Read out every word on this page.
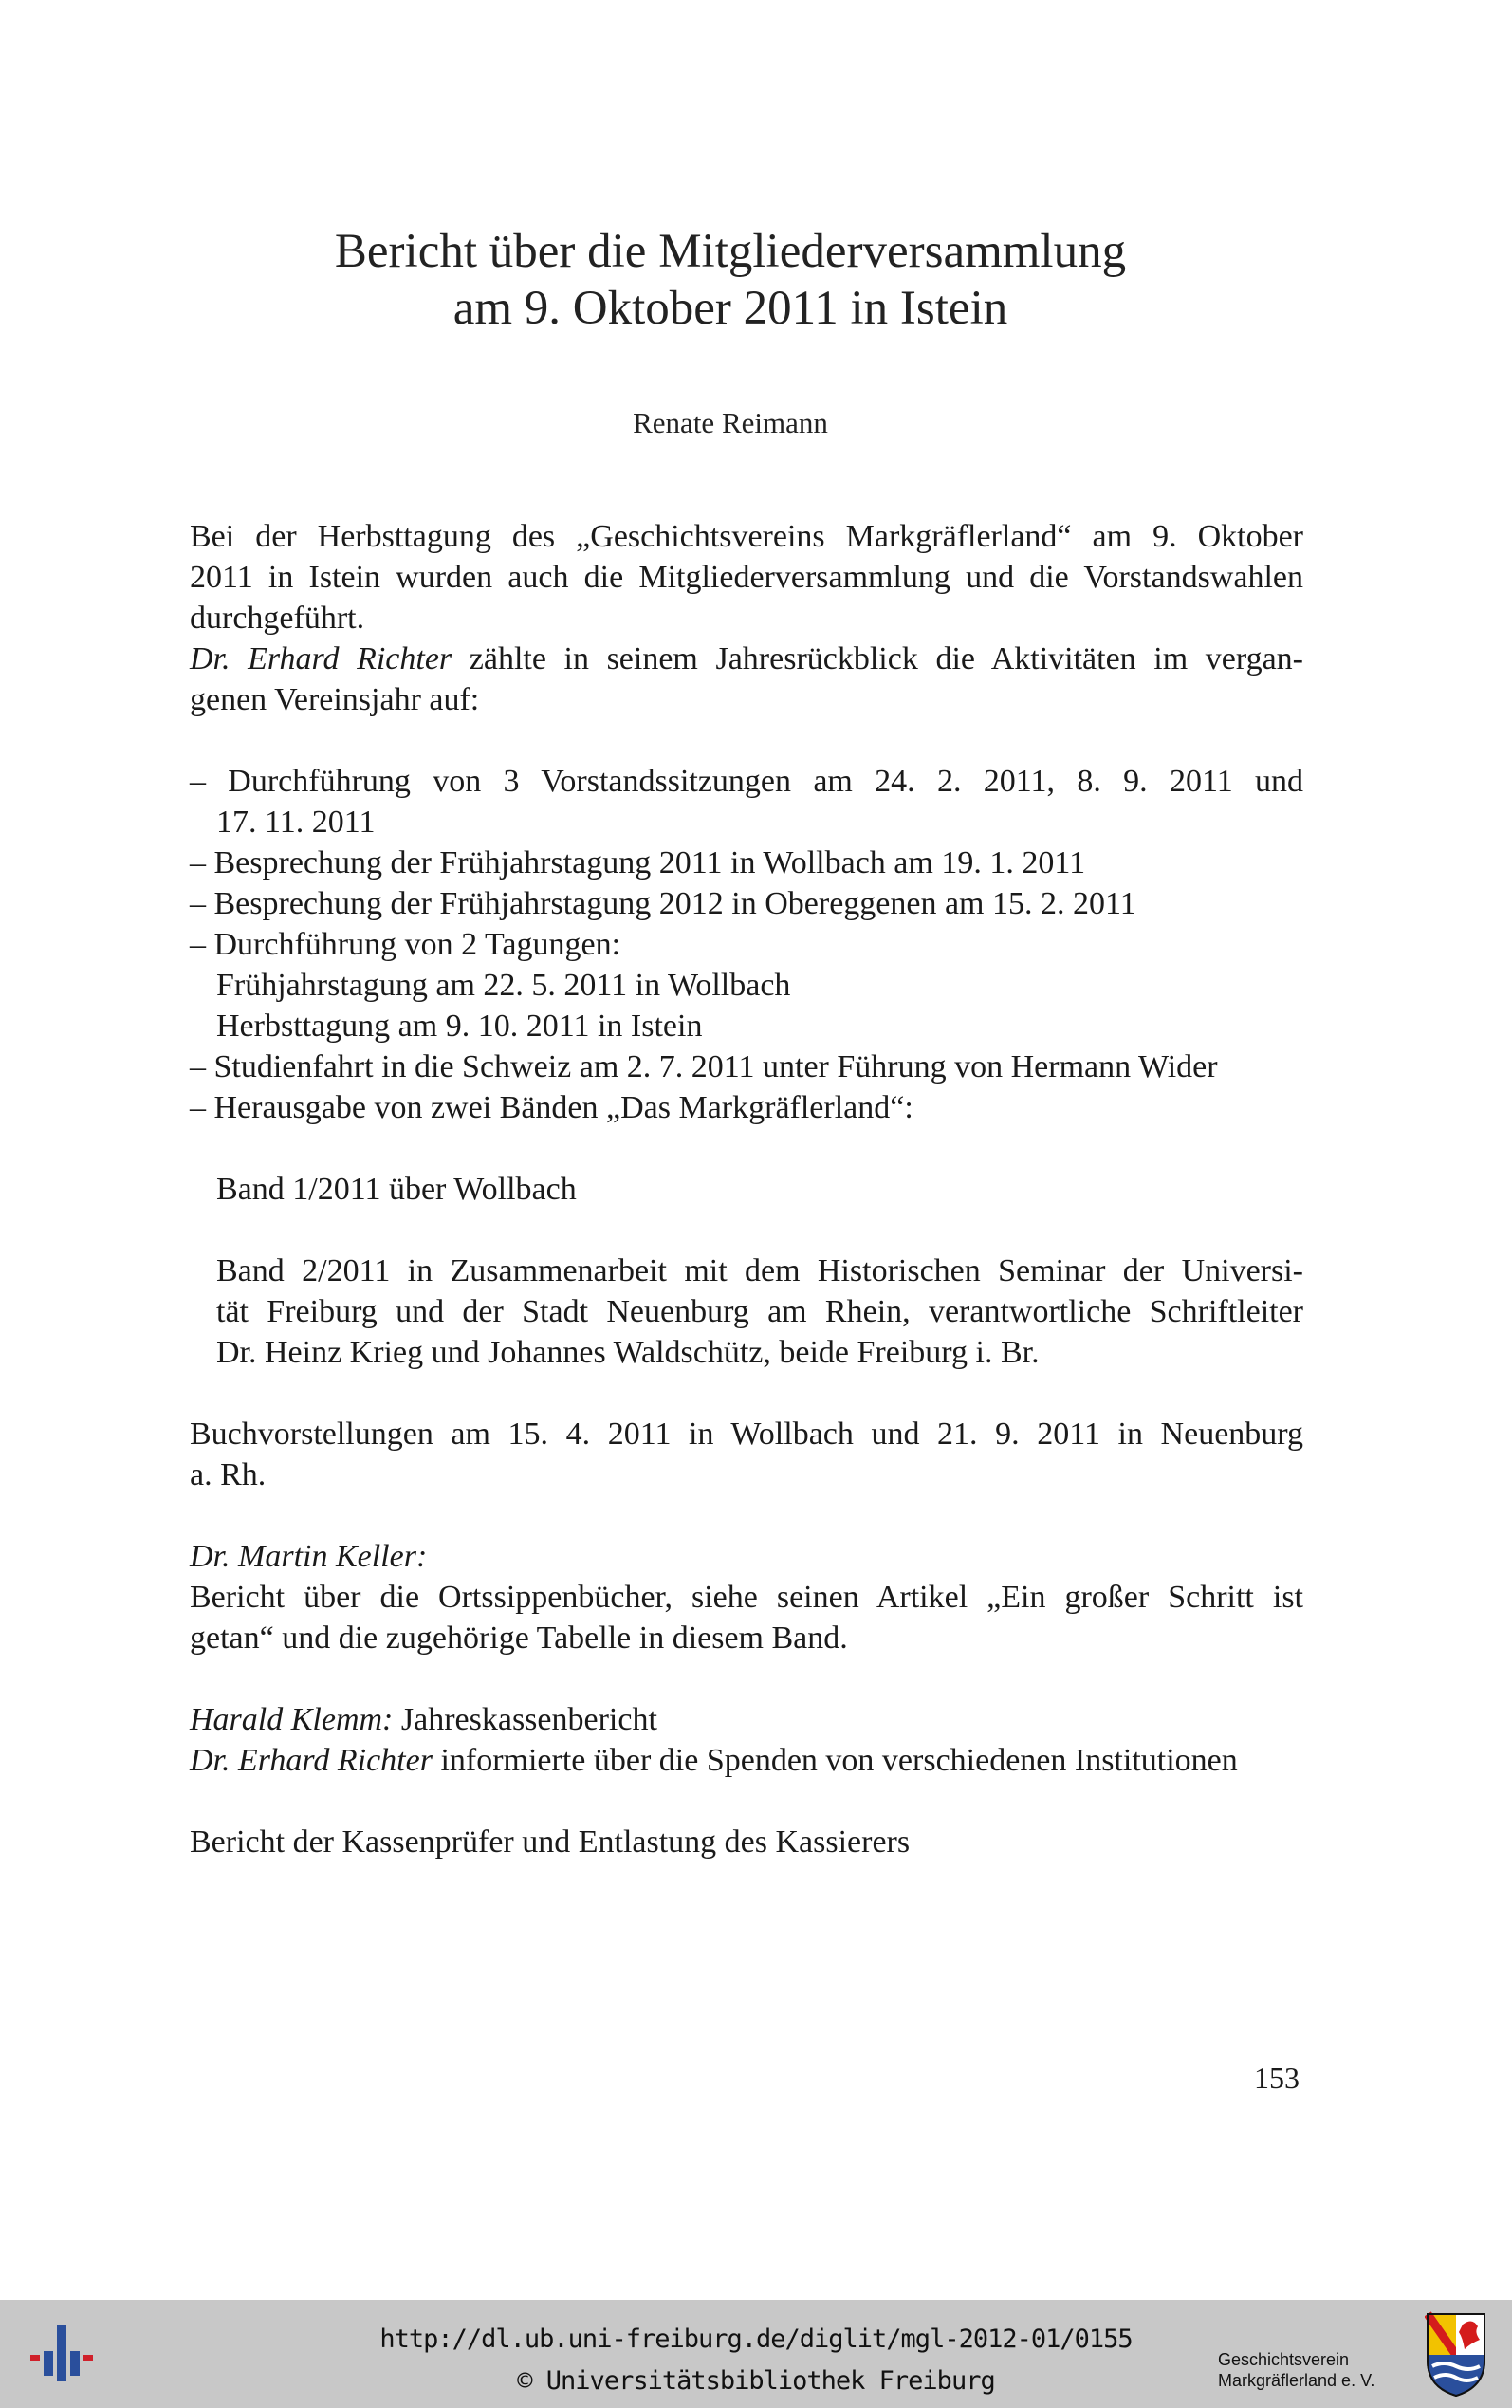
Bericht über die Mitgliederversammlung
am 9. Oktober 2011 in Istein
Renate Reimann
Bei der Herbsttagung des „Geschichtsvereins Markgräflerland“ am 9. Oktober
2011 in Istein wurden auch die Mitgliederversammlung und die Vorstandswahlen
durchgeführt.
Dr. Erhard Richter zählte in seinem Jahresrückblick die Aktivitäten im vergan-
genen Vereinsjahr auf:
– Durchführung von 3 Vorstandssitzungen am 24. 2. 2011, 8. 9. 2011 und
17. 11. 2011
– Besprechung der Frühjahrstagung 2011 in Wollbach am 19. 1. 2011
– Besprechung der Frühjahrstagung 2012 in Obereggenen am 15. 2. 2011
– Durchführung von 2 Tagungen:
Frühjahrstagung am 22. 5. 2011 in Wollbach
Herbsttagung am 9. 10. 2011 in Istein
– Studienfahrt in die Schweiz am 2. 7. 2011 unter Führung von Hermann Wider
– Herausgabe von zwei Bänden „Das Markgräflerland“:
Band 1/2011 über Wollbach
Band 2/2011 in Zusammenarbeit mit dem Historischen Seminar der Universi-
tät Freiburg und der Stadt Neuenburg am Rhein, verantwortliche Schriftleiter
Dr. Heinz Krieg und Johannes Waldschütz, beide Freiburg i. Br.
Buchvorstellungen am 15. 4. 2011 in Wollbach und 21. 9. 2011 in Neuenburg
a. Rh.
Dr. Martin Keller:
Bericht über die Ortssippenbücher, siehe seinen Artikel „Ein großer Schritt ist
getan“ und die zugehörige Tabelle in diesem Band.
Harald Klemm: Jahreskassenbericht
Dr. Erhard Richter informierte über die Spenden von verschiedenen Institutionen
Bericht der Kassenprüfer und Entlastung des Kassierers
153
http://dl.ub.uni-freiburg.de/diglit/mgl-2012-01/0155
© Universitätsbibliothek Freiburg
Geschichtsverein
Markgräflerland e. V.
